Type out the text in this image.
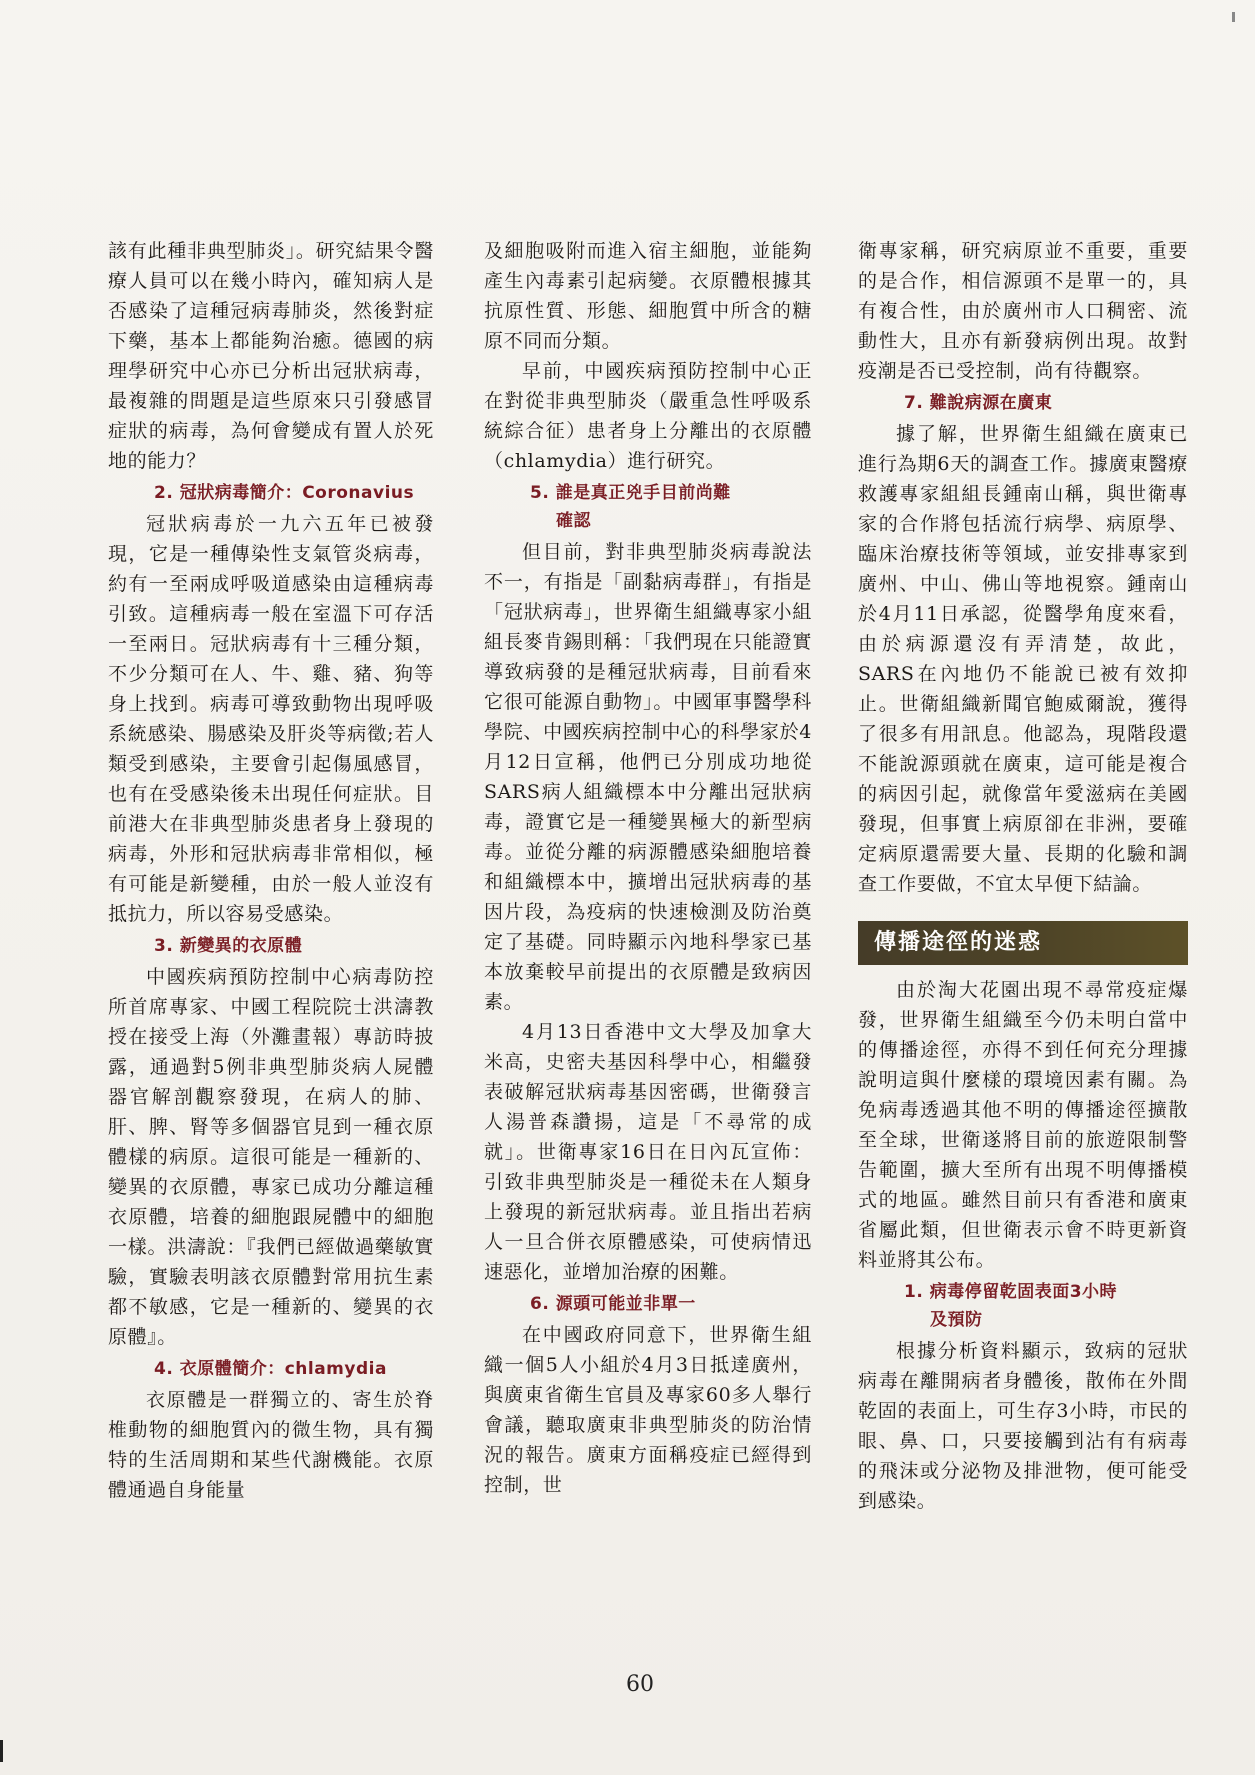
該有此種非典型肺炎」。研究結果令醫療人員可以在幾小時內，確知病人是否感染了這種冠病毒肺炎，然後對症下藥，基本上都能夠治癒。德國的病理學研究中心亦已分析出冠狀病毒，最複雜的問題是這些原來只引發感冒症狀的病毒，為何會變成有置人於死地的能力？

2. 冠狀病毒簡介：Coronavius

冠狀病毒於一九六五年已被發現，它是一種傳染性支氣管炎病毒，約有一至兩成呼吸道感染由這種病毒引致。這種病毒一般在室溫下可存活一至兩日。冠狀病毒有十三種分類，不少分類可在人、牛、雞、豬、狗等身上找到。病毒可導致動物出現呼吸系統感染、腸感染及肝炎等病徵;若人類受到感染，主要會引起傷風感冒，也有在受感染後未出現任何症狀。目前港大在非典型肺炎患者身上發現的病毒，外形和冠狀病毒非常相似，極有可能是新變種，由於一般人並沒有抵抗力，所以容易受感染。

3. 新變異的衣原體

中國疾病預防控制中心病毒防控所首席專家、中國工程院院士洪濤教授在接受上海（外灘畫報）專訪時披露，通過對5例非典型肺炎病人屍體器官解剖觀察發現，在病人的肺、肝、脾、腎等多個器官見到一種衣原體樣的病原。這很可能是一種新的、變異的衣原體，專家已成功分離這種衣原體，培養的細胞跟屍體中的細胞一樣。洪濤說：『我們已經做過藥敏實驗，實驗表明該衣原體對常用抗生素都不敏感，它是一種新的、變異的衣原體』。

4. 衣原體簡介：chlamydia

衣原體是一群獨立的、寄生於脊椎動物的細胞質內的微生物，具有獨特的生活周期和某些代謝機能。衣原體通過自身能量

及細胞吸附而進入宿主細胞，並能夠產生內毒素引起病變。衣原體根據其抗原性質、形態、細胞質中所含的糖原不同而分類。

早前，中國疾病預防控制中心正在對從非典型肺炎（嚴重急性呼吸系統綜合征）患者身上分離出的衣原體（chlamydia）進行研究。

5. 誰是真正兇手目前尚難
確認

但目前，對非典型肺炎病毒說法不一，有指是「副黏病毒群」，有指是「冠狀病毒」，世界衛生組織專家小組組長麥肯錫則稱：「我們現在只能證實導致病發的是種冠狀病毒，目前看來它很可能源自動物」。中國軍事醫學科學院、中國疾病控制中心的科學家於4月12日宣稱，他們已分別成功地從SARS病人組織標本中分離出冠狀病毒，證實它是一種變異極大的新型病毒。並從分離的病源體感染細胞培養和組織標本中，擴增出冠狀病毒的基因片段，為疫病的快速檢測及防治奠定了基礎。同時顯示內地科學家已基本放棄較早前提出的衣原體是致病因素。

4月13日香港中文大學及加拿大米高，史密夫基因科學中心，相繼發表破解冠狀病毒基因密碼，世衛發言人湯普森讚揚，這是「不尋常的成就」。世衛專家16日在日內瓦宣佈：引致非典型肺炎是一種從未在人類身上發現的新冠狀病毒。並且指出若病人一旦合併衣原體感染，可使病情迅速惡化，並增加治療的困難。

6. 源頭可能並非單一

在中國政府同意下，世界衛生組織一個5人小組於4月3日抵達廣州，與廣東省衛生官員及專家60多人舉行會議，聽取廣東非典型肺炎的防治情況的報告。廣東方面稱疫症已經得到控制，世

衛專家稱，研究病原並不重要，重要的是合作，相信源頭不是單一的，具有複合性，由於廣州市人口稠密、流動性大，且亦有新發病例出現。故對疫潮是否已受控制，尚有待觀察。

7. 難說病源在廣東

據了解，世界衛生組織在廣東已進行為期6天的調查工作。據廣東醫療救護專家組組長鍾南山稱，與世衛專家的合作將包括流行病學、病原學、臨床治療技術等領域，並安排專家到廣州、中山、佛山等地視察。鍾南山於4月11日承認，從醫學角度來看，由於病源還沒有弄清楚，故此，SARS在內地仍不能說已被有效抑止。世衛組織新聞官鮑威爾說，獲得了很多有用訊息。他認為，現階段還不能說源頭就在廣東，這可能是複合的病因引起，就像當年愛滋病在美國發現，但事實上病原卻在非洲，要確定病原還需要大量、長期的化驗和調查工作要做，不宜太早便下結論。

傳播途徑的迷惑

由於淘大花園出現不尋常疫症爆發，世界衛生組織至今仍未明白當中的傳播途徑，亦得不到任何充分理據說明這與什麼樣的環境因素有關。為免病毒透過其他不明的傳播途徑擴散至全球，世衛遂將目前的旅遊限制警告範圍，擴大至所有出現不明傳播模式的地區。雖然目前只有香港和廣東省屬此類，但世衛表示會不時更新資料並將其公布。

1. 病毒停留乾固表面3小時
及預防

根據分析資料顯示，致病的冠狀病毒在離開病者身體後，散佈在外間乾固的表面上，可生存3小時，市民的眼、鼻、口，只要接觸到沾有有病毒的飛沫或分泌物及排泄物，便可能受到感染。

60
